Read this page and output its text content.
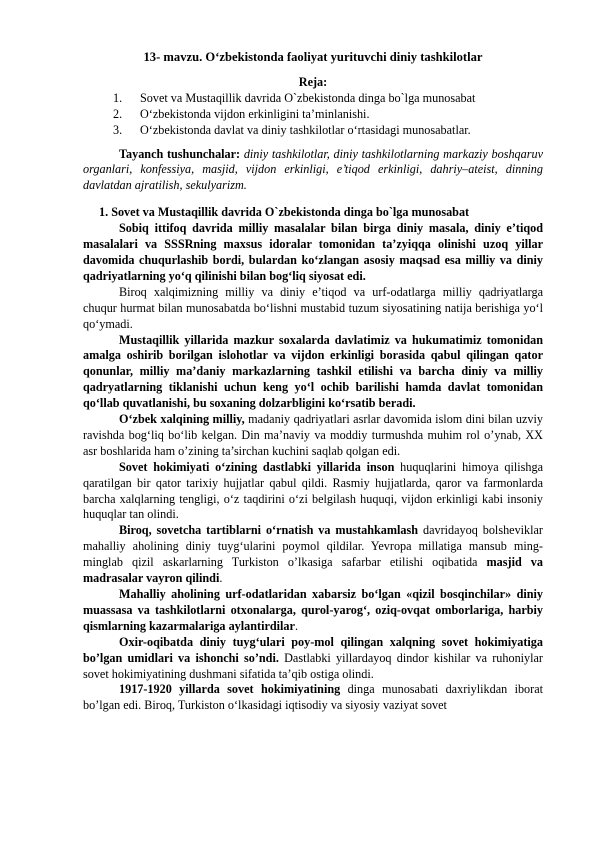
13- mavzu. O‘zbekistonda faoliyat yurituvchi diniy tashkilotlar
Reja:
1.	Sovet va Mustaqillik davrida O`zbekistonda dinga bo`lga munosabat
2.	O‘zbekistonda vijdon erkinligini ta’minlanishi.
3.	O‘zbekistonda davlat va diniy tashkilotlar o‘rtasidagi munosabatlar.

Tayanch tushunchalar: diniy tashkilotlar, diniy tashkilotlarning markaziy boshqaruv organlari, konfessiya, masjid, vijdon erkinligi, e’tiqod erkinligi, dahriy–ateist, dinning davlatdan ajratilish, sekulyarizm.

1. Sovet va Mustaqillik davrida O`zbekistonda dinga bo`lga munosabat

Sobiq ittifoq davrida milliy masalalar bilan birga diniy masala, diniy e’tiqod masalalari va SSSRning maxsus idoralar tomonidan ta’zyiqqa olinishi uzoq yillar davomida chuqurlashib bordi, bulardan ko‘zlangan asosiy maqsad esa milliy va diniy qadriyatlarning yo‘q qilinishi bilan bog‘liq siyosat edi.

Biroq xalqimizning milliy va diniy e’tiqod va urf-odatlarga milliy qadriyatlarga chuqur hurmat bilan munosabatda bo‘lishni mustabid tuzum siyosatining natija berishiga yo‘l qo‘ymadi.

Mustaqillik yillarida mazkur soxalarda davlatimiz va hukumatimiz tomonidan amalga oshirib borilgan islohotlar va vijdon erkinligi borasida qabul qilingan qator qonunlar, milliy ma’daniy markazlarning tashkil etilishi va barcha diniy va milliy qadryatlarning tiklanishi uchun keng yo‘l ochib barilishi hamda davlat tomonidan qo‘llab quvatlanishi, bu soxaning dolzarbligini ko‘rsatib beradi.

O‘zbek xalqining milliy, madaniy qadriyatlari asrlar davomida islom dini bilan uzviy ravishda bog‘liq bo‘lib kelgan. Din ma’naviy va moddiy turmushda muhim rol o’ynab, XX asr boshlarida ham o’zining ta’sirchan kuchini saqlab qolgan edi.

Sovet hokimiyati o‘zining dastlabki yillarida inson huquqlarini himoya qilishga qaratilgan bir qator tarixiy hujjatlar qabul qildi. Rasmiy hujjatlarda, qaror va farmonlarda barcha xalqlarning tengligi, o‘z taqdirini o‘zi belgilash huquqi, vijdon erkinligi kabi insoniy huquqlar tan olindi.

Biroq, sovetcha tartiblarni o‘rnatish va mustahkamlash davridayoq bolsheviklar mahalliy aholining diniy tuyg‘ularini poymol qildilar. Yevropa millatiga mansub ming-minglab qizil askarlarning Turkiston o’lkasiga safarbar etilishi oqibatida masjid va madrasalar vayron qilindi.

Mahalliy aholining urf-odatlaridan xabarsiz bo‘lgan «qizil bosqinchilar» diniy muassasa va tashkilotlarni otxonalarga, qurol-yarog‘, oziq-ovqat omborlariga, harbiy qismlarning kazarmalariga aylantirdilar.

Oxir-oqibatda diniy tuyg‘ulari poy-mol qilingan xalqning sovet hokimiyatiga bo’lgan umidlari va ishonchi so’ndi. Dastlabki yillardayoq dindor kishilar va ruhoniylar sovet hokimiyatining dushmani sifatida ta’qib ostiga olindi.

1917-1920 yillarda sovet hokimiyatining dinga munosabati daxriylikdan iborat bo’lgan edi. Biroq, Turkiston o‘lkasidagi iqtisodiy va siyosiy vaziyat sovet
